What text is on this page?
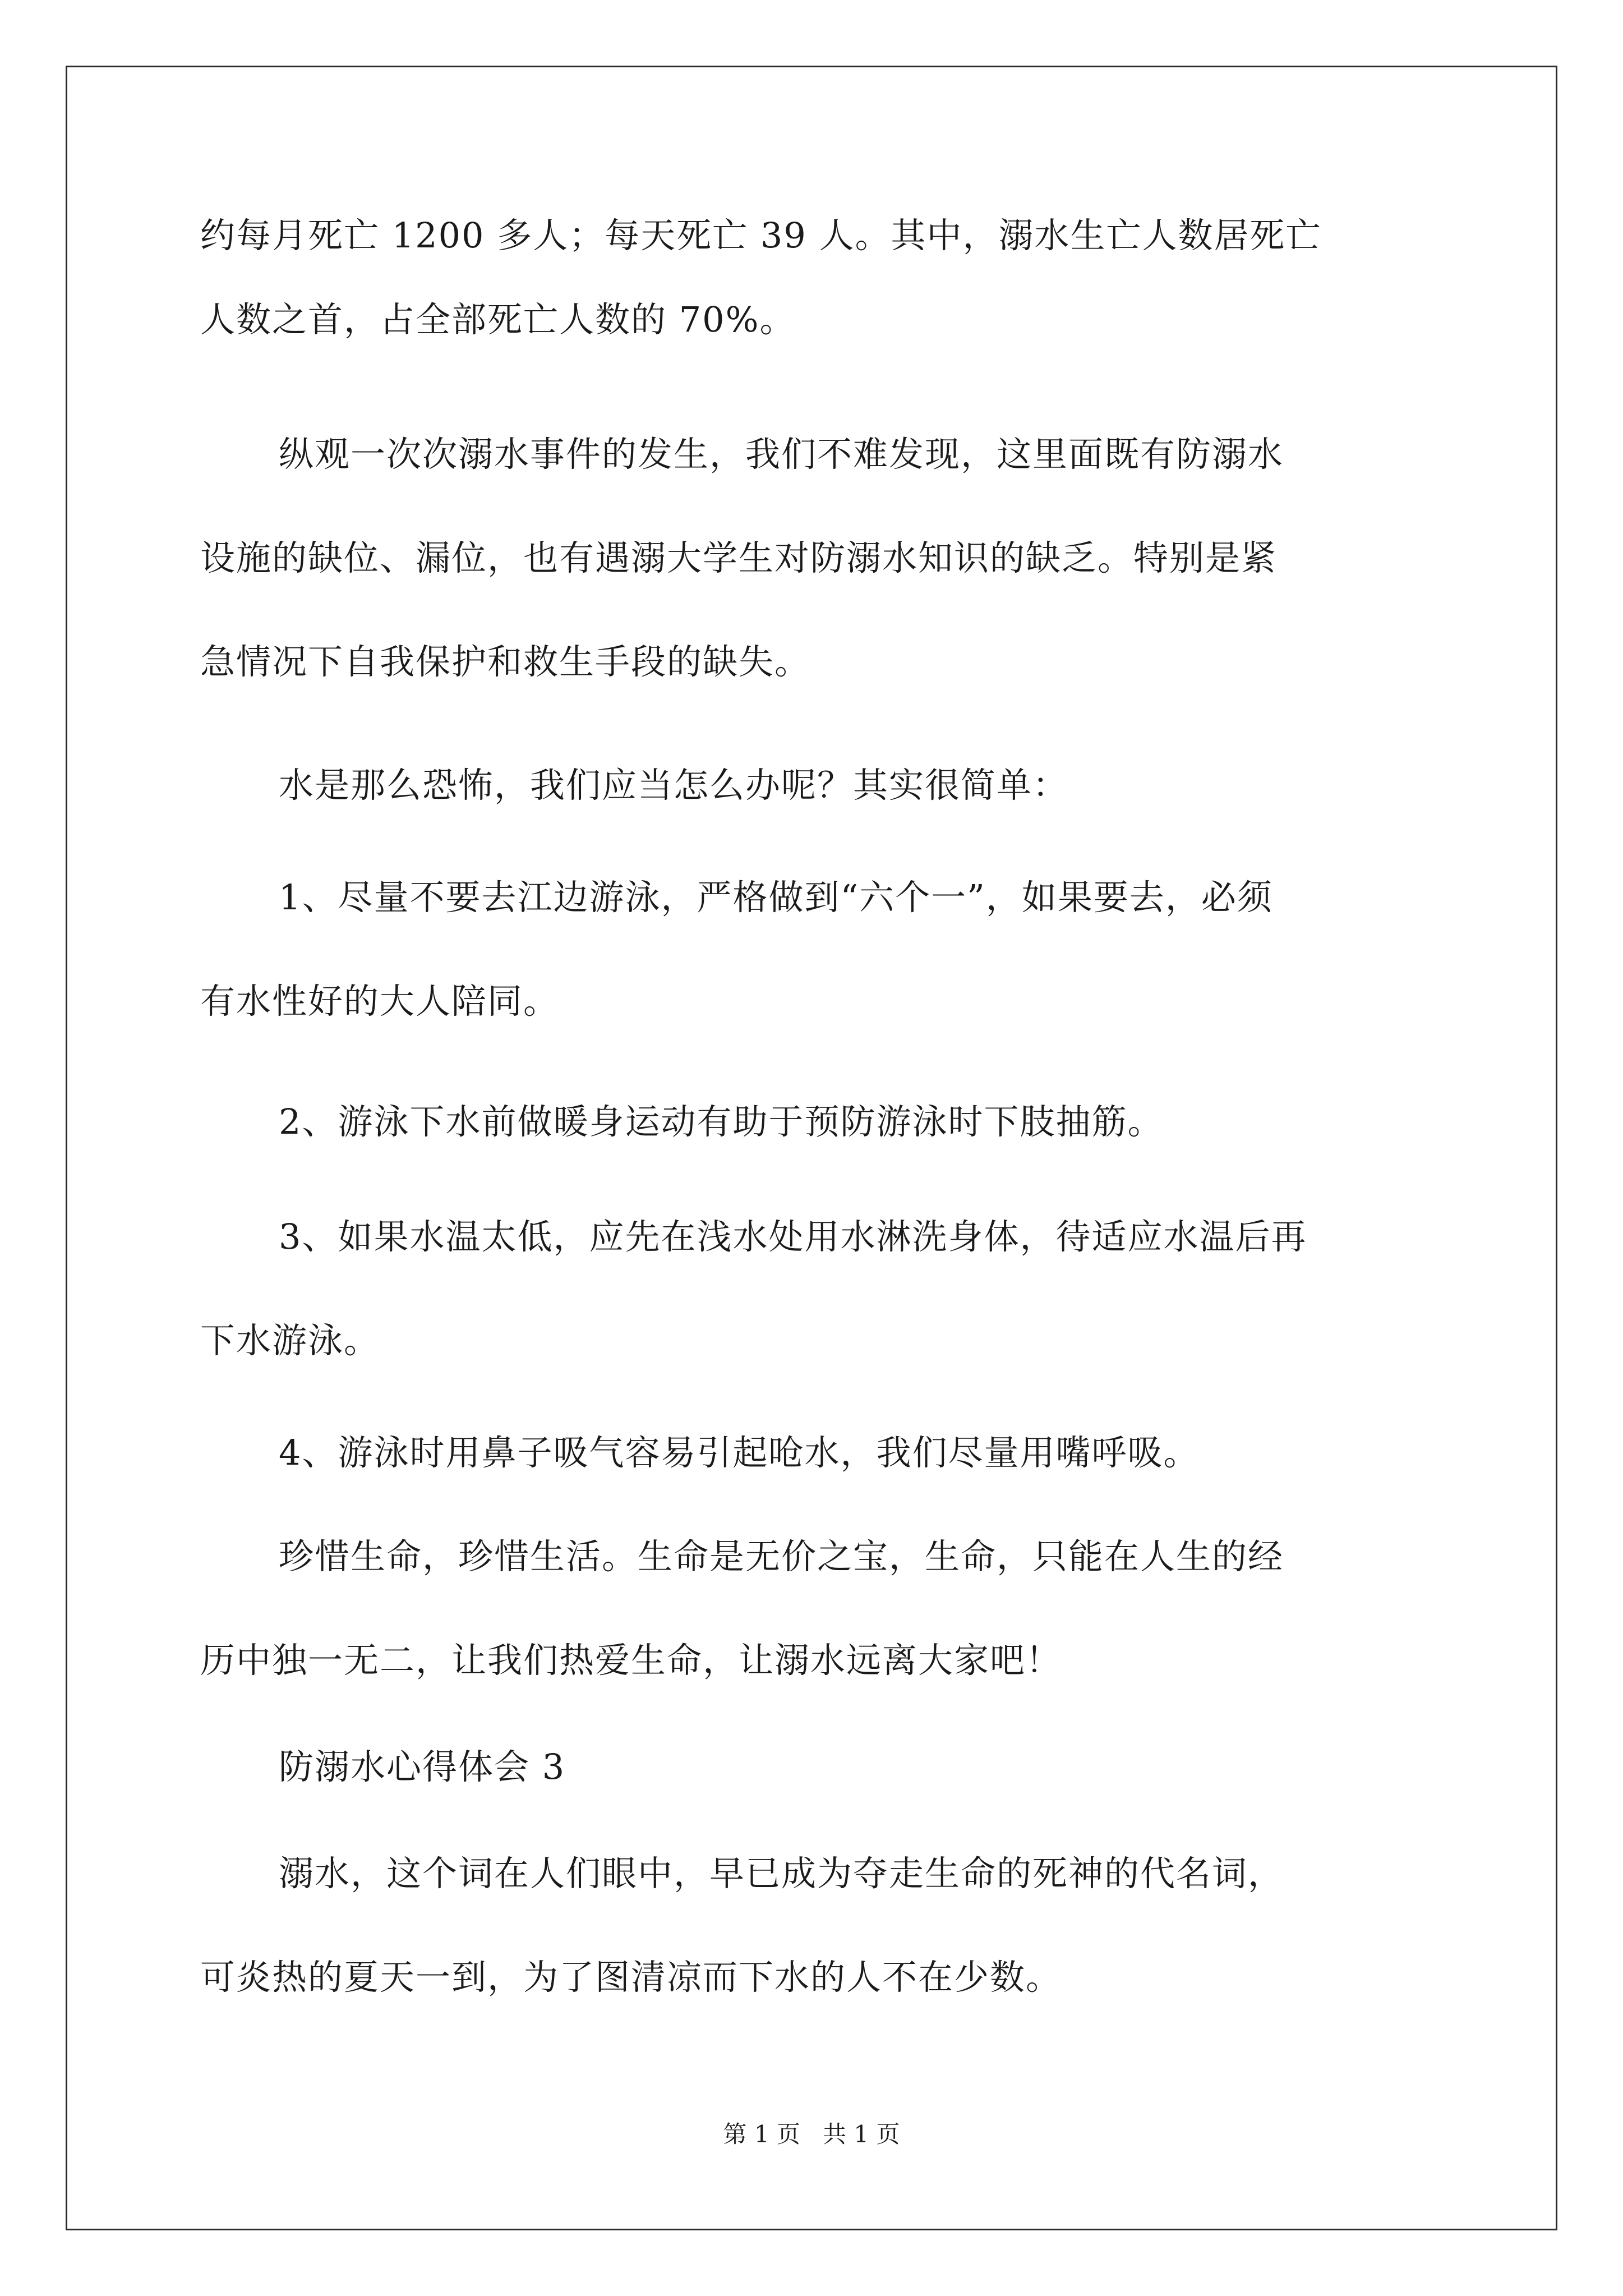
约每月死亡 1200 多人；每天死亡 39 人。其中，溺水生亡人数居死亡
人数之首，占全部死亡人数的 70%。
纵观一次次溺水事件的发生，我们不难发现，这里面既有防溺水
设施的缺位、漏位，也有遇溺大学生对防溺水知识的缺乏。特别是紧
急情况下自我保护和救生手段的缺失。
水是那么恐怖，我们应当怎么办呢？其实很简单：
1、尽量不要去江边游泳，严格做到“六个一”，如果要去，必须
有水性好的大人陪同。
2、游泳下水前做暖身运动有助于预防游泳时下肢抽筋。
3、如果水温太低，应先在浅水处用水淋洗身体，待适应水温后再
下水游泳。
4、游泳时用鼻子吸气容易引起呛水，我们尽量用嘴呼吸。
珍惜生命，珍惜生活。生命是无价之宝，生命，只能在人生的经
历中独一无二，让我们热爱生命，让溺水远离大家吧！
防溺水心得体会 3
溺水，这个词在人们眼中，早已成为夺走生命的死神的代名词，
可炎热的夏天一到，为了图清凉而下水的人不在少数。
第 1 页 共 1 页
